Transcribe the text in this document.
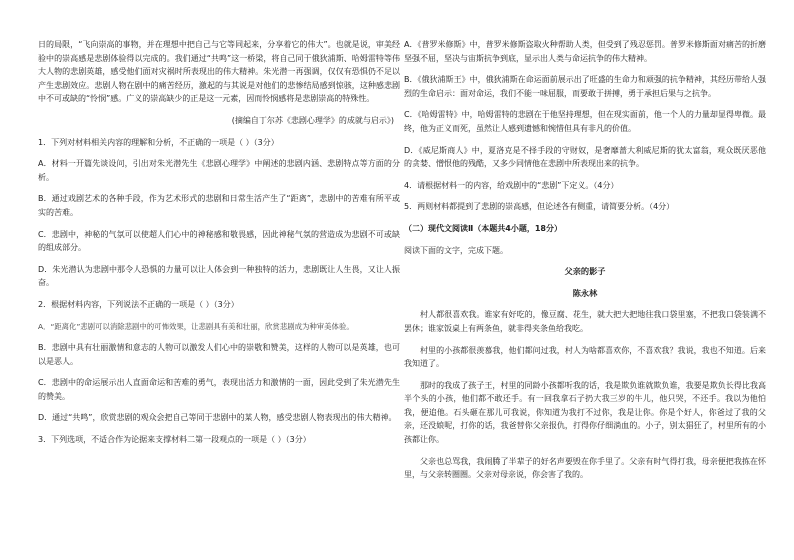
日的局限，“飞向崇高的事物，并在理想中把自己与它等同起来，分享着它的伟大”。也就是说，审美经验中的崇高感是悲剧体验得以完成的。我们通过“共鸣”这一桥梁，将自己同于俄狄浦斯、哈姆雷特等伟大人物的悲剧英雄，感受他们面对灾祸时所表现出的伟大精神。朱光潜一再强调，仅仅有恐惧仍不足以产生悲剧效应。悲剧人物在剧中的痛苦经历，激起的与其说是对他们的悲惨结局感到惊骇，这种感悲剧中不可或缺的“怜悯”感。广义的崇高缺少的正是这一元素，因而怜悯感将是悲剧崇高的特殊性。

(摘编自丁尔苏《悲剧心理学》的成就与启示》)

1．下列对材料相关内容的理解和分析，不正确的一项是（ ）（3分）

A．材料一开篇先谈设问，引出对朱光潜先生《悲剧心理学》中阐述的悲剧内涵、悲剧特点等方面的分析。

B．通过戏剧艺术的各种手段，作为艺术形式的悲剧和日常生活产生了“距离”，悲剧中的苦难有所平或实的苦难。

C．悲剧中，神秘的气氛可以使超人们心中的神秘感和敬畏感，因此神秘气氛的营造成为悲剧不可或缺的组成部分。

D．朱光潜认为悲剧中那令人恐惧的力量可以让人体会到一种独特的活力，悲剧既让人生畏，又让人振奋。

2．根据材料内容，下列说法不正确的一项是（ ）（3分）

A．“距离化”悲剧可以消除悲剧中的可怖效果，让悲剧具有美和壮丽，欣赏悲剧成为种审美体验。

B．悲剧中具有壮丽激情和意志的人物可以激发人们心中的崇敬和赞美，这样的人物可以是英雄，也可以是恶人。

C．悲剧中的命运展示出人直面命运和苦难的勇气，表现出活力和激情的一面，因此受到了朱光潜先生的赞美。

D．通过“共鸣”，欣赏悲剧的观众会把自己等同于悲剧中的某人物，感受悲剧人物表现出的伟大精神。

3．下列选项，不适合作为论据来支撑材料二第一段观点的一项是（ ）（3分）

A．《普罗米修斯》中，普罗米修斯盗取火种帮助人类，但受到了残忍惩罚。普罗米修斯面对痛苦的折磨坚强不屈，坚决与宙斯抗争到底，显示出人类与命运抗争的伟大精神。

B．《俄狄浦斯王》中，俄狄浦斯在命运面前展示出了旺盛的生命力和顽强的抗争精神，其经历带给人强烈的生命启示：面对命运，我们不能一味屈服，而要敢于拼搏，勇于承担后果与之抗争。

C．《哈姆雷特》中，哈姆雷特的悲剧在于他坚持理想，但在现实面前，他一个人的力量却显得卑微。最终，他为正义而死，虽然让人感到遗憾和惋惜但具有非凡的价值。

D．《威尼斯商人》中，夏洛克是不择手段的守财奴，是奢靡蔷大利威尼斯的犹太富翁，观众既厌恶他的贪婪、憎恨他的残酷，又多少同情他在悲剧中所表现出来的抗争。

4．请根据材料一的内容，给戏剧中的“悲剧”下定义。（4分）

5．两则材料都提到了悲剧的崇高感，但论述各有侧重，请简要分析。（4分）

（二）现代文阅读Ⅱ（本题共4小题，18分）

阅读下面的文字，完成下题。

父亲的影子

陈永林

村人都很喜欢我。谁家有好吃的，像豆腐、花生，就大把大把地往我口袋里塞，不把我口袋装满不罢休；谁家饭桌上有两条鱼，就非得夹条鱼给我吃。

村里的小孩都很羡慕我，他们都问过我，村人为啥都喜欢你，不喜欢我？我说，我也不知道。后来我知道了。

那时的我成了孩子王，村里的同龄小孩都听我的话，我是欺负谁就欺负谁，我要是欺负长得比我高半个头的小孩，他们都不敢还手。有一回我拿石子扔大我三岁的牛儿，他只哭，不还手。我以为他怕我，便追他。石头砸在那儿可我说，你知道为我打不过你，我是让你。你是个好人，你爸过了我的父亲，还没娘呢，打你的话，我爸替你父亲报仇，打得你仔细淌血的。小子，别太猖狂了，村里所有的小孩都让你。

父亲也总骂我，我闹腾了半辈子的好名声要毁在你手里了。父亲有时气得打我，母亲便把我拣在怀里，与父亲转圈圈。父亲对母亲说，你会害了我的。
